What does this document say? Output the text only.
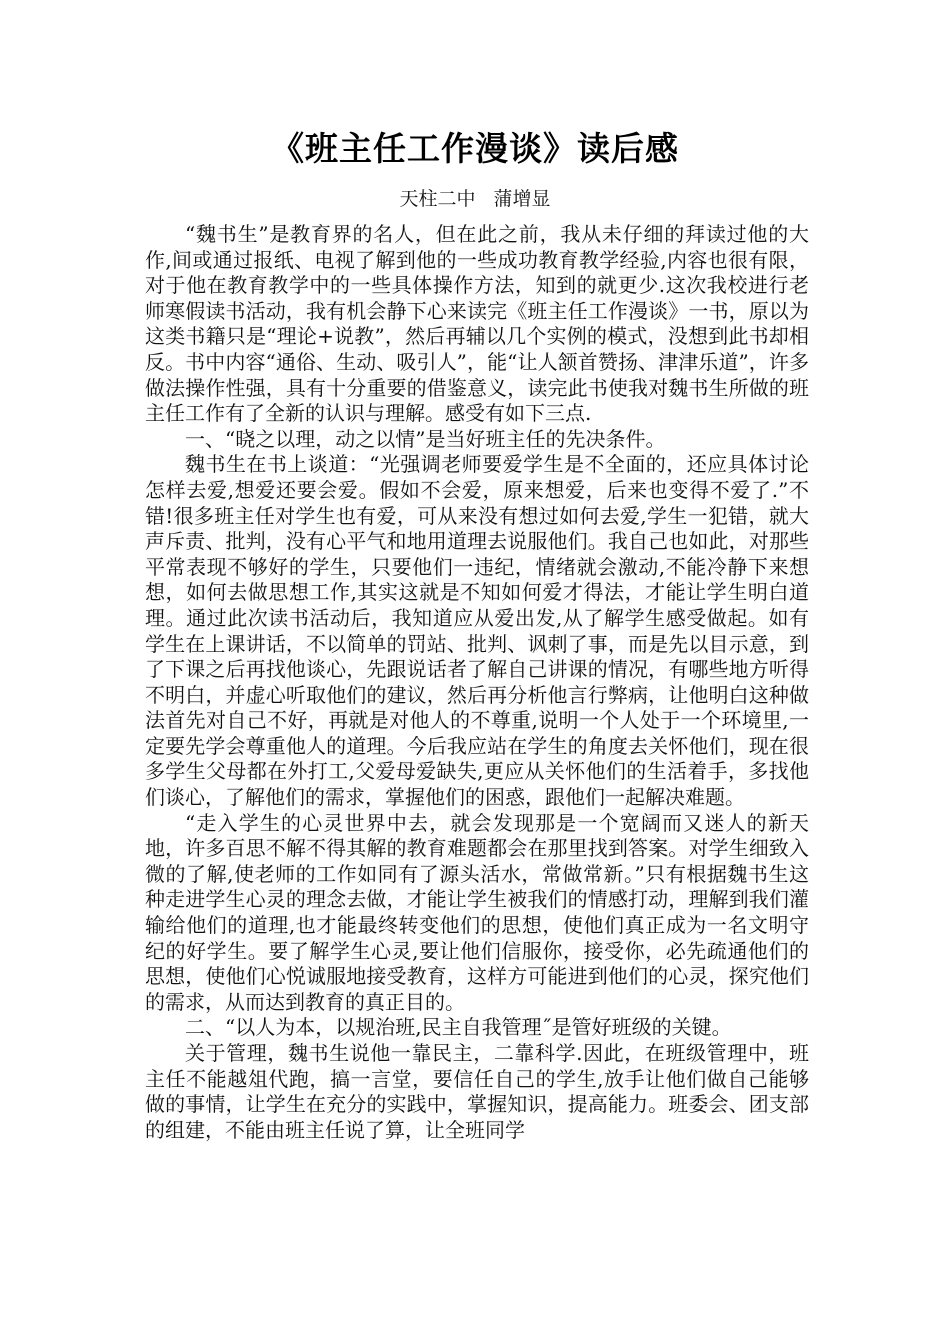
《班主任工作漫谈》读后感
天柱二中   蒲增显

“魏书生”是教育界的名人，但在此之前，我从未仔细的拜读过他的大作,间或通过报纸、电视了解到他的一些成功教育教学经验,内容也很有限，对于他在教育教学中的一些具体操作方法，知到的就更少.这次我校进行老师寒假读书活动，我有机会静下心来读完《班主任工作漫谈》一书，原以为这类书籍只是“理论+说教”，然后再辅以几个实例的模式，没想到此书却相反。书中内容“通俗、生动、吸引人”，能“让人颔首赞扬、津津乐道”，许多做法操作性强，具有十分重要的借鉴意义，读完此书使我对魏书生所做的班主任工作有了全新的认识与理解。感受有如下三点.

一、“晓之以理，动之以情”是当好班主任的先决条件。

魏书生在书上谈道：“光强调老师要爱学生是不全面的，还应具体讨论怎样去爱,想爱还要会爱。假如不会爱，原来想爱，后来也变得不爱了.”不错!很多班主任对学生也有爱，可从来没有想过如何去爱,学生一犯错，就大声斥责、批判，没有心平气和地用道理去说服他们。我自己也如此，对那些平常表现不够好的学生，只要他们一违纪，情绪就会激动,不能冷静下来想想，如何去做思想工作,其实这就是不知如何爱才得法，才能让学生明白道理。通过此次读书活动后，我知道应从爱出发,从了解学生感受做起。如有学生在上课讲话，不以简单的罚站、批判、讽刺了事，而是先以目示意，到了下课之后再找他谈心，先跟说话者了解自己讲课的情况，有哪些地方听得不明白，并虚心听取他们的建议，然后再分析他言行弊病，让他明白这种做法首先对自己不好，再就是对他人的不尊重,说明一个人处于一个环境里,一定要先学会尊重他人的道理。今后我应站在学生的角度去关怀他们，现在很多学生父母都在外打工,父爱母爱缺失,更应从关怀他们的生活着手，多找他们谈心，了解他们的需求，掌握他们的困惑，跟他们一起解决难题。

“走入学生的心灵世界中去，就会发现那是一个宽阔而又迷人的新天地，许多百思不解不得其解的教育难题都会在那里找到答案。对学生细致入微的了解,使老师的工作如同有了源头活水，常做常新。”只有根据魏书生这种走进学生心灵的理念去做，才能让学生被我们的情感打动，理解到我们灌输给他们的道理,也才能最终转变他们的思想，使他们真正成为一名文明守纪的好学生。要了解学生心灵,要让他们信服你，接受你，必先疏通他们的思想，使他们心悦诚服地接受教育，这样方可能进到他们的心灵，探究他们的需求，从而达到教育的真正目的。

二、“以人为本，以规治班,民主自我管理˝是管好班级的关键。

关于管理，魏书生说他一靠民主，二靠科学.因此，在班级管理中，班主任不能越俎代跑，搞一言堂，要信任自己的学生,放手让他们做自己能够做的事情，让学生在充分的实践中，掌握知识，提高能力。班委会、团支部的组建，不能由班主任说了算，让全班同学
